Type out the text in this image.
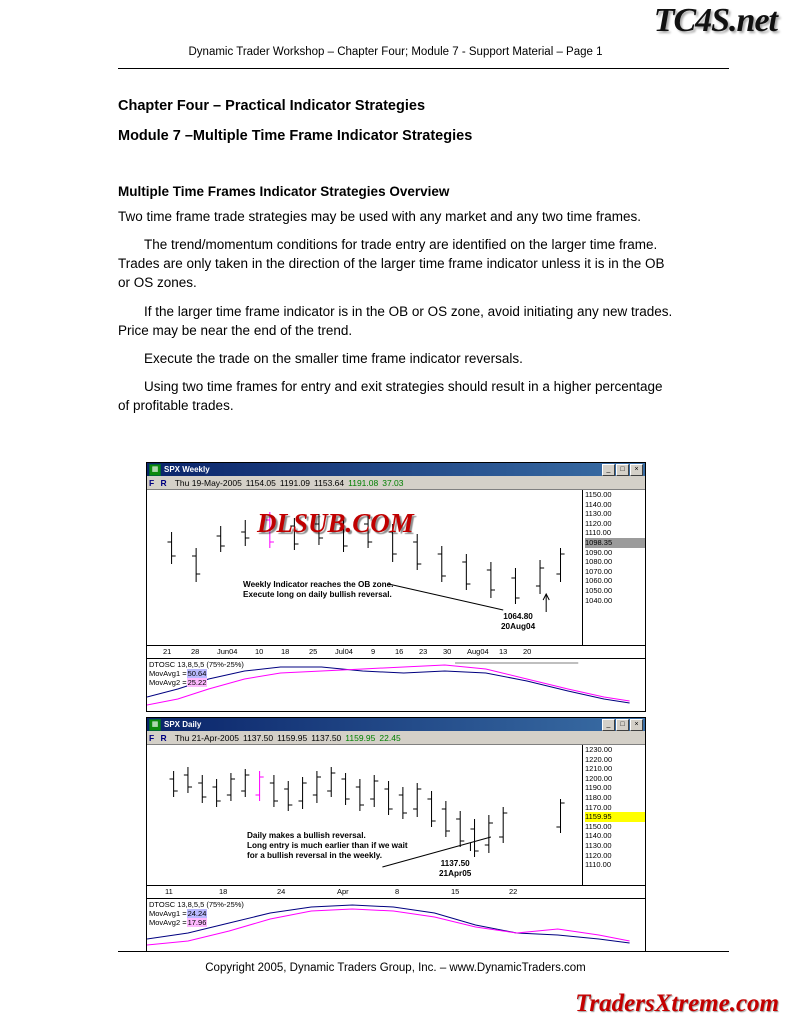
TC4S.net
Dynamic Trader Workshop – Chapter Four; Module 7 - Support Material – Page 1
Chapter Four – Practical Indicator Strategies
Module 7 –Multiple Time Frame Indicator Strategies
Multiple Time Frames Indicator Strategies Overview

Two time frame trade strategies may be used with any market and any two time frames.

The trend/momentum conditions for trade entry are identified on the larger time frame. Trades are only taken in the direction of the larger time frame indicator unless it is in the OB or OS zones.

If the larger time frame indicator is in the OB or OS zone, avoid initiating any new trades. Price may be near the end of the trend.

Execute the trade on the smaller time frame indicator reversals.

Using two time frames for entry and exit strategies should result in a higher percentage of profitable trades.

▦ SPX Weekly	_	□	×
F R Thu 19-May-2005 1154.05 1191.09 1153.64 1191.08 37.03
DLSUB.COM
Weekly Indicator reaches the OB zone.
Execute long on daily bullish reversal.
1064.80
20Aug04
1150.00
1140.00
1130.00
1120.00
1110.00
1098.35
1090.00
1080.00
1070.00
1060.00
1050.00
1040.00
21	28 Jun04 10 18	25 Jul04 9	16 23 30 Aug04 13 20
DTOSC 13,8,5,5 (75%-25%)
MovAvg1 =50.64
MovAvg2 =25.22
▦ SPX Daily	_	□	×
F R Thu 21-Apr-2005 1137.50 1159.95 1137.50 1159.95 22.45
Daily makes a bullish reversal.
Long entry is much earlier than if we wait
for a bullish reversal in the weekly.
1137.50
21Apr05
1230.00
1220.00
1210.00
1200.00
1190.00
1180.00
1170.00
1159.95
1150.00
1140.00
1130.00
1120.00
1110.00
11	18	24	Apr	8	15	22
DTOSC 13,8,5,5 (75%-25%)
MovAvg1 =24.24
MovAvg2 =17.96
Copyright 2005, Dynamic Traders Group, Inc. – www.DynamicTraders.com
TradersXtreme.com
